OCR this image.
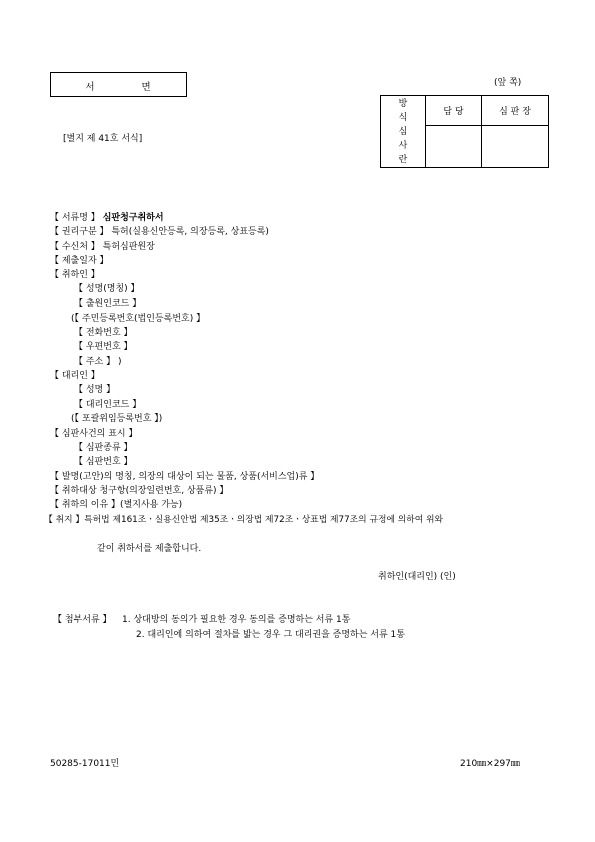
서 면	(앞 쪽)
[별지 제 41호 서식]
방
식
심
사
란	담 당	심 판 장

【 서류명 】 심판청구취하서
【 권리구분 】 특허(실용신안등록, 의장등록, 상표등록)
【 수신처 】 특허심판원장
【 제출일자 】
【 취하인 】
【 성명(명칭) 】
【 출원인코드 】
(【 주민등록번호(법인등록번호) 】
【 전화번호 】
【 우편번호 】
【 주소 】 )
【 대리인 】
【 성명 】
【 대리인코드 】
(【 포괄위임등록번호 】)
【 심판사건의 표시 】
【 심판종류 】
【 심판번호 】
【 발명(고안)의 명칭, 의장의 대상이 되는 물품, 상품(서비스업)류 】
【 취하대상 청구항(의장일련번호, 상품류) 】
【 취하의 이유 】(별지사용 가능)
【 취지 】특허법 제161조ㆍ실용신안법 제35조ㆍ의장법 제72조ㆍ상표법 제77조의 규정에 의하여 위와
같이 취하서를 제출합니다.
취하인(대리인) (인)
【 첨부서류 】 1. 상대방의 동의가 필요한 경우 동의를 증명하는 서류 1통
2. 대리인에 의하여 절차를 밟는 경우 그 대리권을 증명하는 서류 1통
50285-17011민	210㎜×297㎜
